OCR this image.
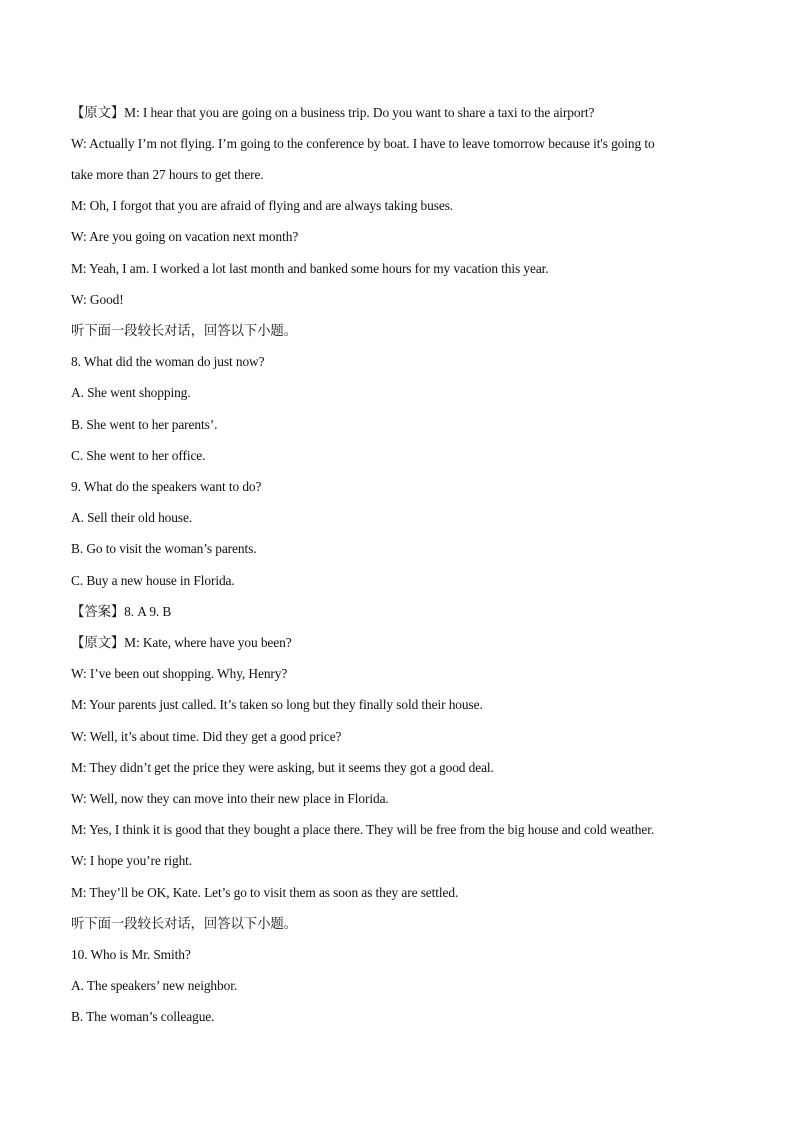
【原文】M: I hear that you are going on a business trip. Do you want to share a taxi to the airport?
W: Actually I’m not flying. I’m going to the conference by boat. I have to leave tomorrow because it's going to
take more than 27 hours to get there.
M: Oh, I forgot that you are afraid of flying and are always taking buses.
W: Are you going on vacation next month?
M: Yeah, I am. I worked a lot last month and banked some hours for my vacation this year.
W: Good!
听下面一段较长对话，回答以下小题。
8. What did the woman do just now?
A. She went shopping.
B. She went to her parents’.
C. She went to her office.
9. What do the speakers want to do?
A. Sell their old house.
B. Go to visit the woman’s parents.
C. Buy a new house in Florida.
【答案】8. A 9. B
【原文】M: Kate, where have you been?
W: I’ve been out shopping. Why, Henry?
M: Your parents just called. It’s taken so long but they finally sold their house.
W: Well, it’s about time. Did they get a good price?
M: They didn’t get the price they were asking, but it seems they got a good deal.
W: Well, now they can move into their new place in Florida.
M: Yes, I think it is good that they bought a place there. They will be free from the big house and cold weather.
W: I hope you’re right.
M: They’ll be OK, Kate. Let’s go to visit them as soon as they are settled.
听下面一段较长对话，回答以下小题。
10. Who is Mr. Smith?
A. The speakers’ new neighbor.
B. The woman’s colleague.
